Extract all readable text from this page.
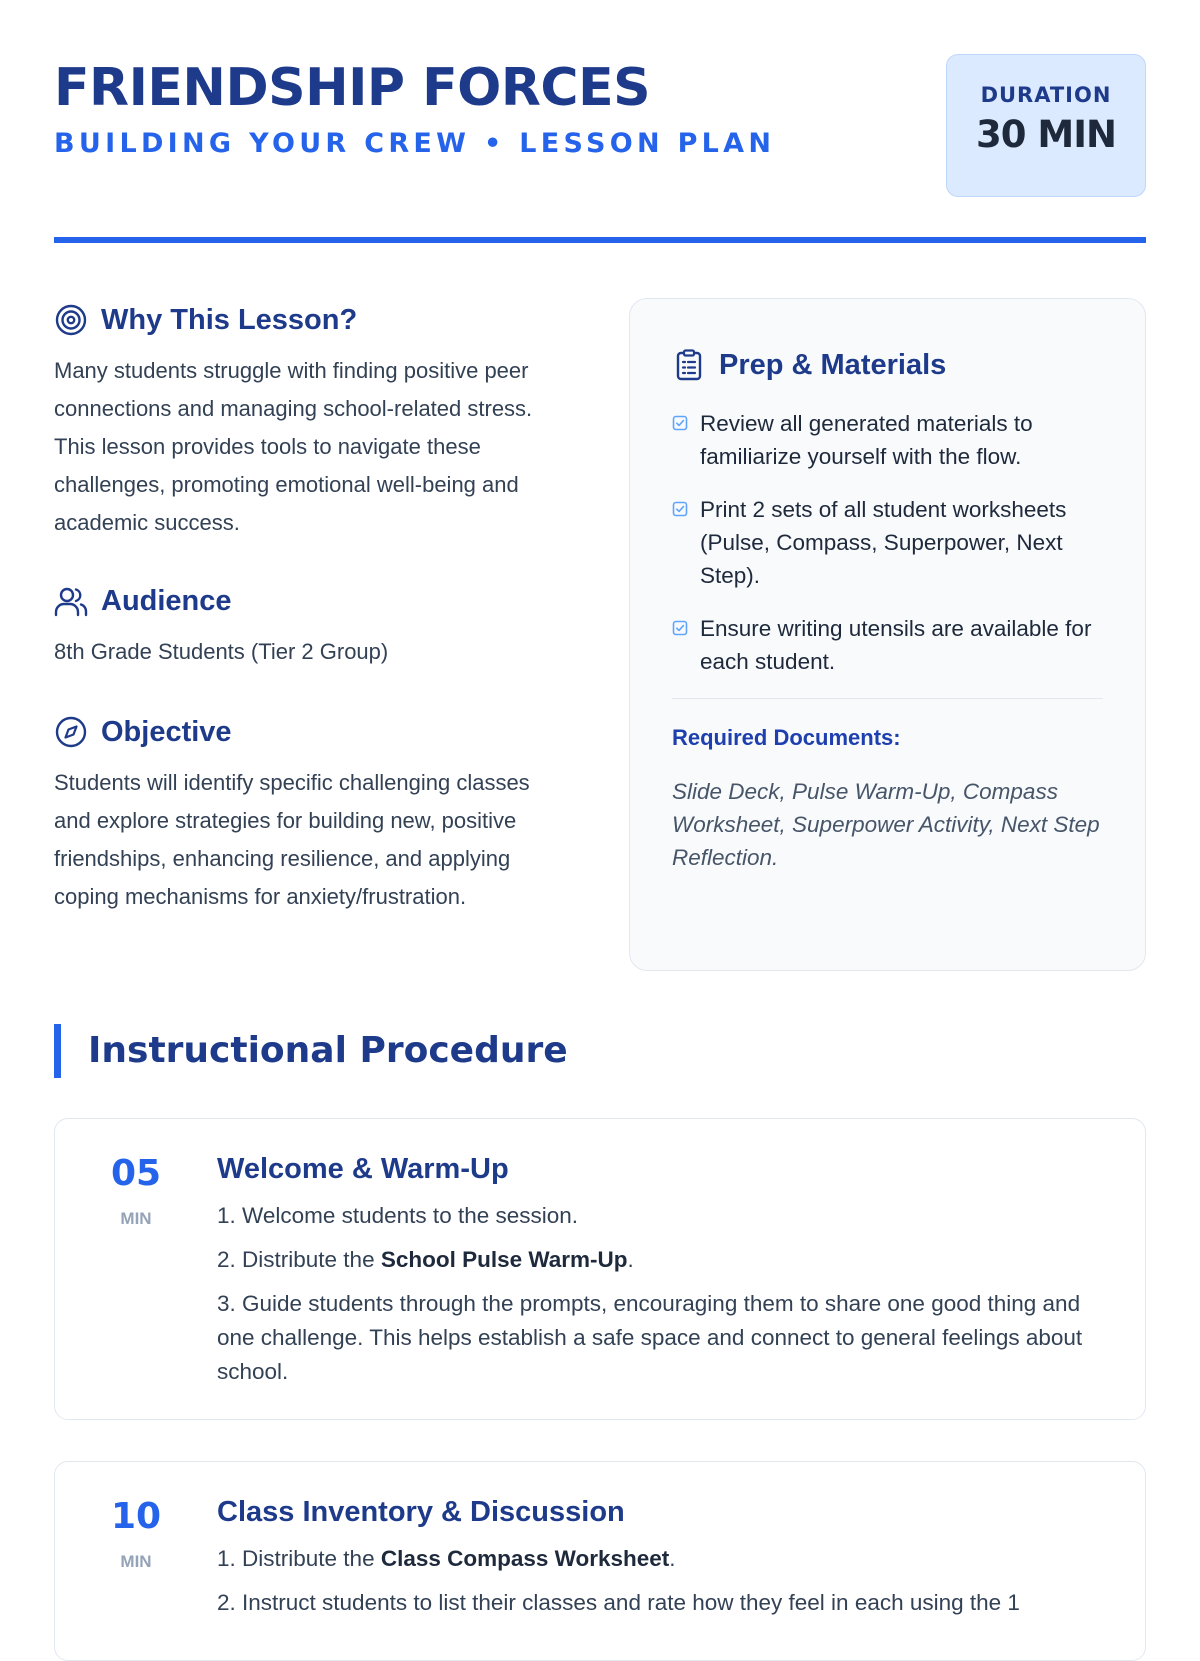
FRIENDSHIP FORCES
BUILDING YOUR CREW • LESSON PLAN
DURATION
30 MIN
Why This Lesson?

Many students struggle with finding positive peer connections and managing school-related stress. This lesson provides tools to navigate these challenges, promoting emotional well-being and academic success.

Audience

8th Grade Students (Tier 2 Group)

Objective

Students will identify specific challenging classes and explore strategies for building new, positive friendships, enhancing resilience, and applying coping mechanisms for anxiety/frustration.

Prep & Materials
Review all generated materials to familiarize yourself with the flow.
Print 2 sets of all student worksheets (Pulse, Compass, Superpower, Next Step).
Ensure writing utensils are available for each student.
Required Documents:
Slide Deck, Pulse Warm-Up, Compass Worksheet, Superpower Activity, Next Step Reflection.
Instructional Procedure
05
MIN
Welcome & Warm-Up

1. Welcome students to the session.

2. Distribute the School Pulse Warm-Up.

3. Guide students through the prompts, encouraging them to share one good thing and one challenge. This helps establish a safe space and connect to general feelings about school.

10
MIN
Class Inventory & Discussion

1. Distribute the Class Compass Worksheet.

2. Instruct students to list their classes and rate how they feel in each using the 1
